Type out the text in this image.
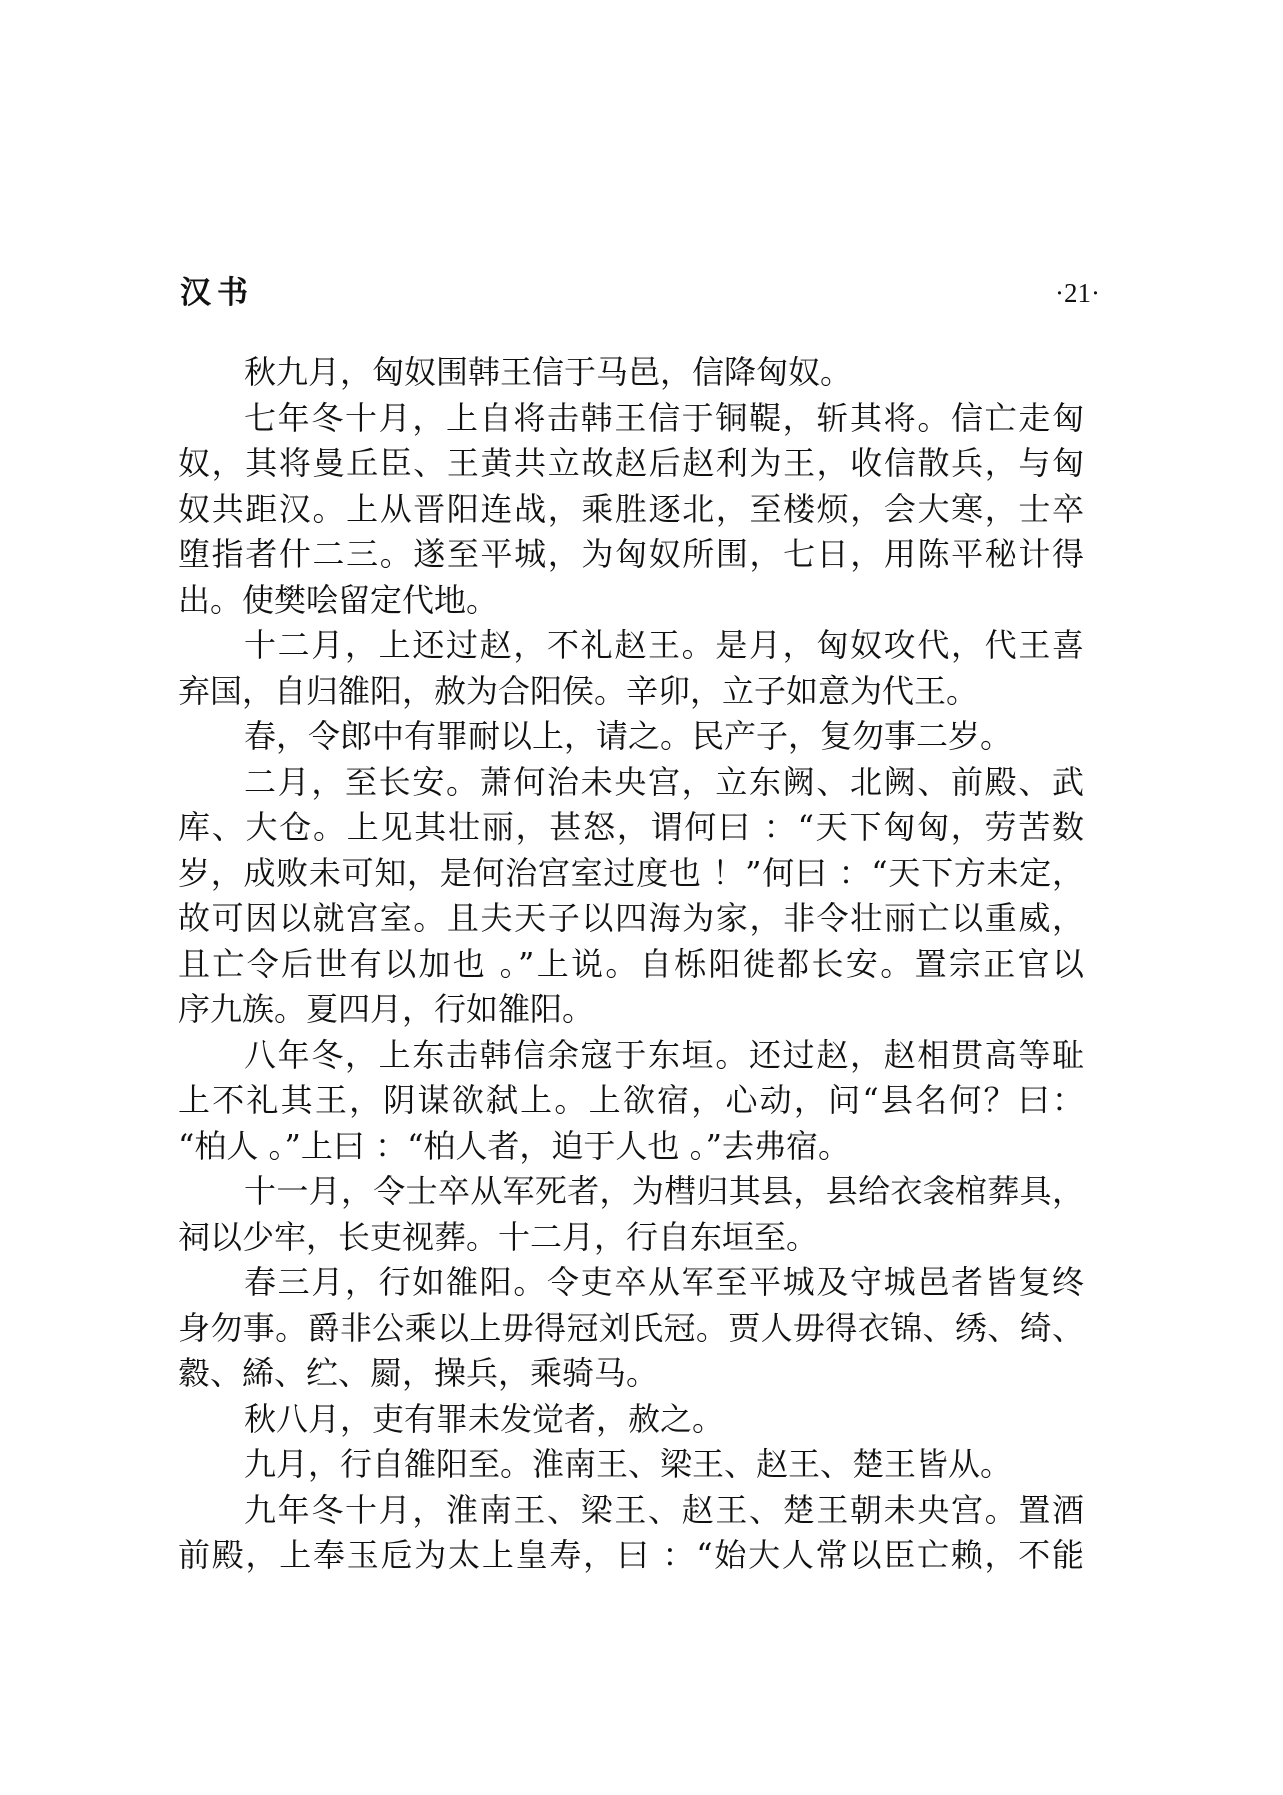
汉书	·21·
秋九月，匈奴围韩王信于马邑，信降匈奴。
七年冬十月，上自将击韩王信于铜鞮，斩其将。信亡走匈
奴，其将曼丘臣、王黄共立故赵后赵利为王，收信散兵，与匈
奴共距汉。上从晋阳连战，乘胜逐北，至楼烦，会大寒，士卒
堕指者什二三。遂至平城，为匈奴所围，七日，用陈平秘计得
出。使樊哙留定代地。
十二月，上还过赵，不礼赵王。是月，匈奴攻代，代王喜
弃国，自归雒阳，赦为合阳侯。辛卯，立子如意为代王。
春，令郎中有罪耐以上，请之。民产子，复勿事二岁。
二月，至长安。萧何治未央宫，立东阙、北阙、前殿、武
库、大仓。上见其壮丽，甚怒，谓何曰 ：“天下匈匈，劳苦数
岁，成败未可知，是何治宫室过度也 ！”何曰 ：“天下方未定，
故可因以就宫室。且夫天子以四海为家，非令壮丽亡以重威，
且亡令后世有以加也 。”上说。自栎阳徙都长安。置宗正官以
序九族。夏四月，行如雒阳。
八年冬，上东击韩信余寇于东垣。还过赵，赵相贯高等耻
上不礼其王，阴谋欲弑上。上欲宿，心动，问“县名何？曰：
“柏人 。”上曰 ：“柏人者，迫于人也 。”去弗宿。
十一月，令士卒从军死者，为槥归其县，县给衣衾棺葬具，
祠以少牢，长吏视葬。十二月，行自东垣至。
春三月，行如雒阳。令吏卒从军至平城及守城邑者皆复终
身勿事。爵非公乘以上毋得冠刘氏冠。贾人毋得衣锦、绣、绮、
縠、絺、纻、罽，操兵，乘骑马。
秋八月，吏有罪未发觉者，赦之。
九月，行自雒阳至。淮南王、梁王、赵王、楚王皆从。
九年冬十月，淮南王、梁王、赵王、楚王朝未央宫。置酒
前殿，上奉玉卮为太上皇寿，曰 ：“始大人常以臣亡赖，不能
